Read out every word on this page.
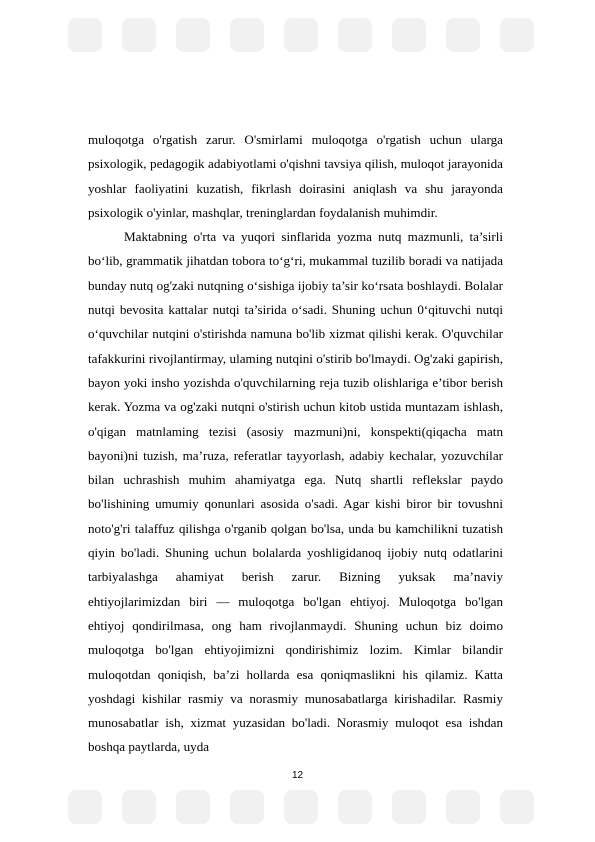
muloqotga o'rgatish zarur. O'smirlami muloqotga o'rgatish uchun ularga psixologik, pedagogik adabiyotlami o'qishni tavsiya qilish, muloqot jarayonida yoshlar faoliyatini kuzatish, fikrlash doirasini aniqlash va shu jarayonda psixologik o'yinlar, mashqlar, treninglardan foydalanish muhimdir.

Maktabning o'rta va yuqori sinflarida yozma nutq mazmunli, ta’sirli bo‘lib, grammatik jihatdan tobora to‘g‘ri, mukammal tuzilib boradi va natijada bunday nutq og'zaki nutqning o‘sishiga ijobiy ta’sir ko‘rsata boshlaydi. Bolalar nutqi bevosita kattalar nutqi ta’sirida o‘sadi. Shuning uchun 0‘qituvchi nutqi o‘quvchilar nutqini o'stirishda namuna bo'lib xizmat qilishi kerak. O'quvchilar tafakkurini rivojlantirmay, ulaming nutqini o'stirib bo'lmaydi. Og'zaki gapirish, bayon yoki insho yozishda o'quvchilarning reja tuzib olishlariga e’tibor berish kerak. Yozma va og'zaki nutqni o'stirish uchun kitob ustida muntazam ishlash, o'qigan matnlaming tezisi (asosiy mazmuni)ni, konspekti(qiqacha matn bayoni)ni tuzish, ma’ruza, referatlar tayyorlash, adabiy kechalar, yozuvchilar bilan uchrashish muhim ahamiyatga ega. Nutq shartli reflekslar paydo bo'lishining umumiy qonunlari asosida o'sadi. Agar kishi biror bir tovushni noto'g'ri talaffuz qilishga o'rganib qolgan bo'lsa, unda bu kamchilikni tuzatish qiyin bo'ladi. Shuning uchun bolalarda yoshligidanoq ijobiy nutq odatlarini tarbiyalashga ahamiyat berish zarur. Bizning yuksak ma’naviy ehtiyojlarimizdan biri — muloqotga bo'lgan ehtiyoj. Muloqotga bo'lgan ehtiyoj qondirilmasa, ong ham rivojlanmaydi. Shuning uchun biz doimo muloqotga bo'lgan ehtiyojimizni qondirishimiz lozim. Kimlar bilandir muloqotdan qoniqish, ba’zi hollarda esa qoniqmaslikni his qilamiz. Katta yoshdagi kishilar rasmiy va norasmiy munosabatlarga kirishadilar. Rasmiy munosabatlar ish, xizmat yuzasidan bo'ladi. Norasmiy muloqot esa ishdan boshqa paytlarda, uyda

12
